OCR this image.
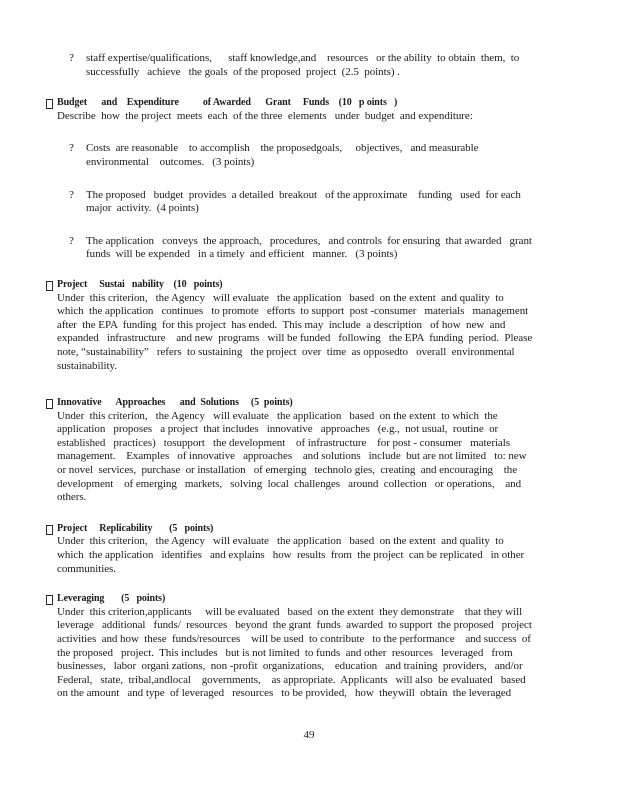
? staff expertise/qualifications,      staff knowledge,and    resources   or the ability  to obtain  them,  to
successfully   achieve   the goals  of the proposed  project  (2.5  points) .
Budget      and    Expenditure          of Awarded      Grant     Funds    (10   p oints   )
Describe  how  the project  meets  each  of the three  elements   under  budget  and expenditure:
? Costs  are reasonable    to accomplish    the proposedgoals,     objectives,   and measurable
environmental    outcomes.   (3 points)
? The proposed   budget  provides  a detailed  breakout   of the approximate    funding   used  for each
major  activity.  (4 points)
? The application   conveys  the approach,   procedures,   and controls  for ensuring  that awarded   grant
funds  will be expended   in a timely  and efficient   manner.   (3 points)
Project     Sustai   nability    (10   points)
Under  this criterion,   the Agency   will evaluate   the application   based  on the extent  and quality  to
which  the application   continues   to promote   efforts  to support  post -consumer   materials   management
after  the EPA  funding  for this project  has ended.  This may  include  a description   of how  new  and
expanded   infrastructure    and new  programs   will be funded   following   the EPA  funding  period.  Please
note, “sustainability”   refers  to sustaining   the project  over  time  as opposedto   overall  environmental
sustainability.
Innovative      Approaches      and  Solutions     (5  points)
Under  this criterion,   the Agency   will evaluate   the application   based  on the extent  to which  the
application   proposes   a project  that includes   innovative   approaches   (e.g.,  not usual,  routine  or
established   practices)   tosupport   the development    of infrastructure    for post - consumer   materials
management.    Examples   of innovative   approaches    and solutions   include  but are not limited   to: new
or novel  services,  purchase  or installation   of emerging   technolo gies,  creating  and encouraging    the
development    of emerging   markets,   solving  local  challenges   around  collection   or operations,    and
others.
Project     Replicability       (5   points)
Under  this criterion,   the Agency   will evaluate   the application   based  on the extent  and quality  to
which  the application   identifies   and explains   how  results  from  the project  can be replicated   in other
communities.
Leveraging       (5   points)
Under  this criterion,applicants     will be evaluated   based  on the extent  they demonstrate    that they will
leverage   additional   funds/  resources   beyond  the grant  funds  awarded  to support  the proposed   project
activities  and how  these  funds/resources    will be used  to contribute   to the performance    and success  of
the proposed   project.  This includes   but is not limited  to funds  and other  resources   leveraged   from
businesses,   labor  organi zations,  non -profit  organizations,    education   and training  providers,   and/or
Federal,   state,  tribal,andlocal    governments,    as appropriate.  Applicants   will also  be evaluated   based
on the amount   and type  of leveraged   resources   to be provided,   how  theywill  obtain  the leveraged
49
